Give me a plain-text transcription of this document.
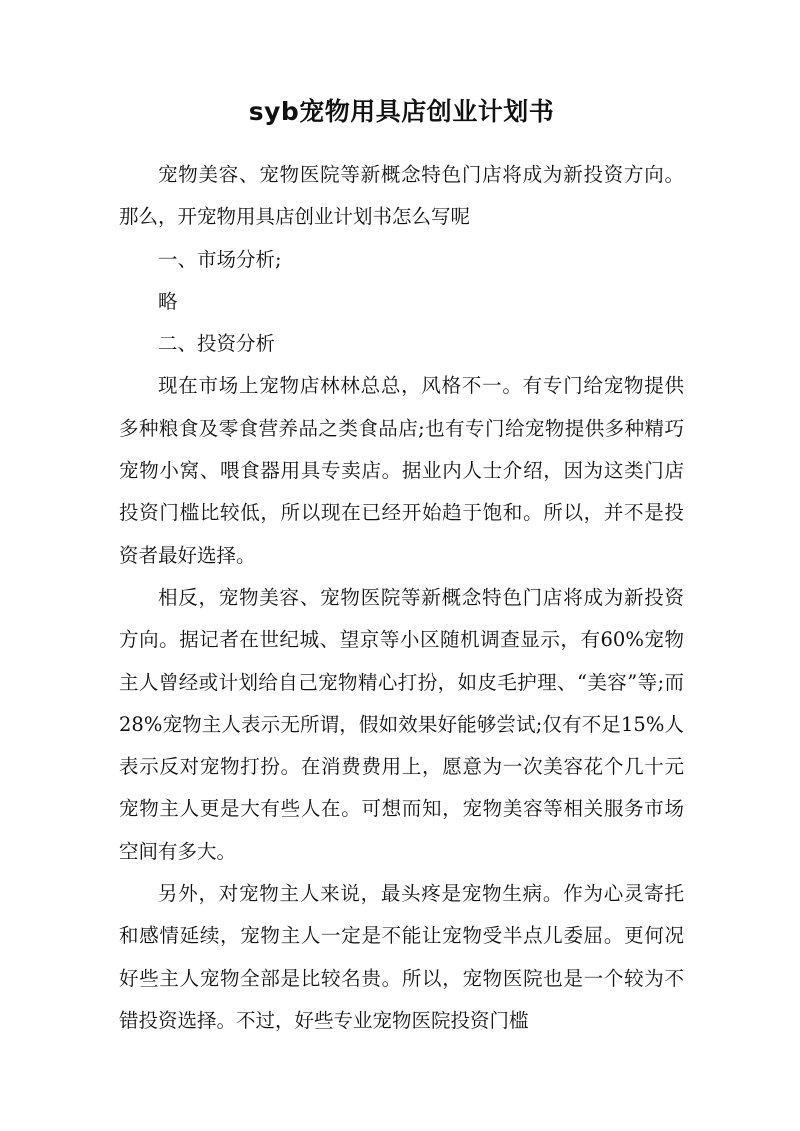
syb宠物用具店创业计划书

宠物美容、宠物医院等新概念特色门店将成为新投资方向。那么，开宠物用具店创业计划书怎么写呢

一、市场分析;

略

二、投资分析

现在市场上宠物店林林总总，风格不一。有专门给宠物提供多种粮食及零食营养品之类食品店;也有专门给宠物提供多种精巧宠物小窝、喂食器用具专卖店。据业内人士介绍，因为这类门店投资门槛比较低，所以现在已经开始趋于饱和。所以，并不是投资者最好选择。

相反，宠物美容、宠物医院等新概念特色门店将成为新投资方向。据记者在世纪城、望京等小区随机调查显示，有60%宠物主人曾经或计划给自己宠物精心打扮，如皮毛护理、“美容”等;而28%宠物主人表示无所谓，假如效果好能够尝试;仅有不足15%人表示反对宠物打扮。在消费费用上，愿意为一次美容花个几十元宠物主人更是大有些人在。可想而知，宠物美容等相关服务市场空间有多大。

另外，对宠物主人来说，最头疼是宠物生病。作为心灵寄托和感情延续，宠物主人一定是不能让宠物受半点儿委屈。更何况好些主人宠物全部是比较名贵。所以，宠物医院也是一个较为不错投资选择。不过，好些专业宠物医院投资门槛
